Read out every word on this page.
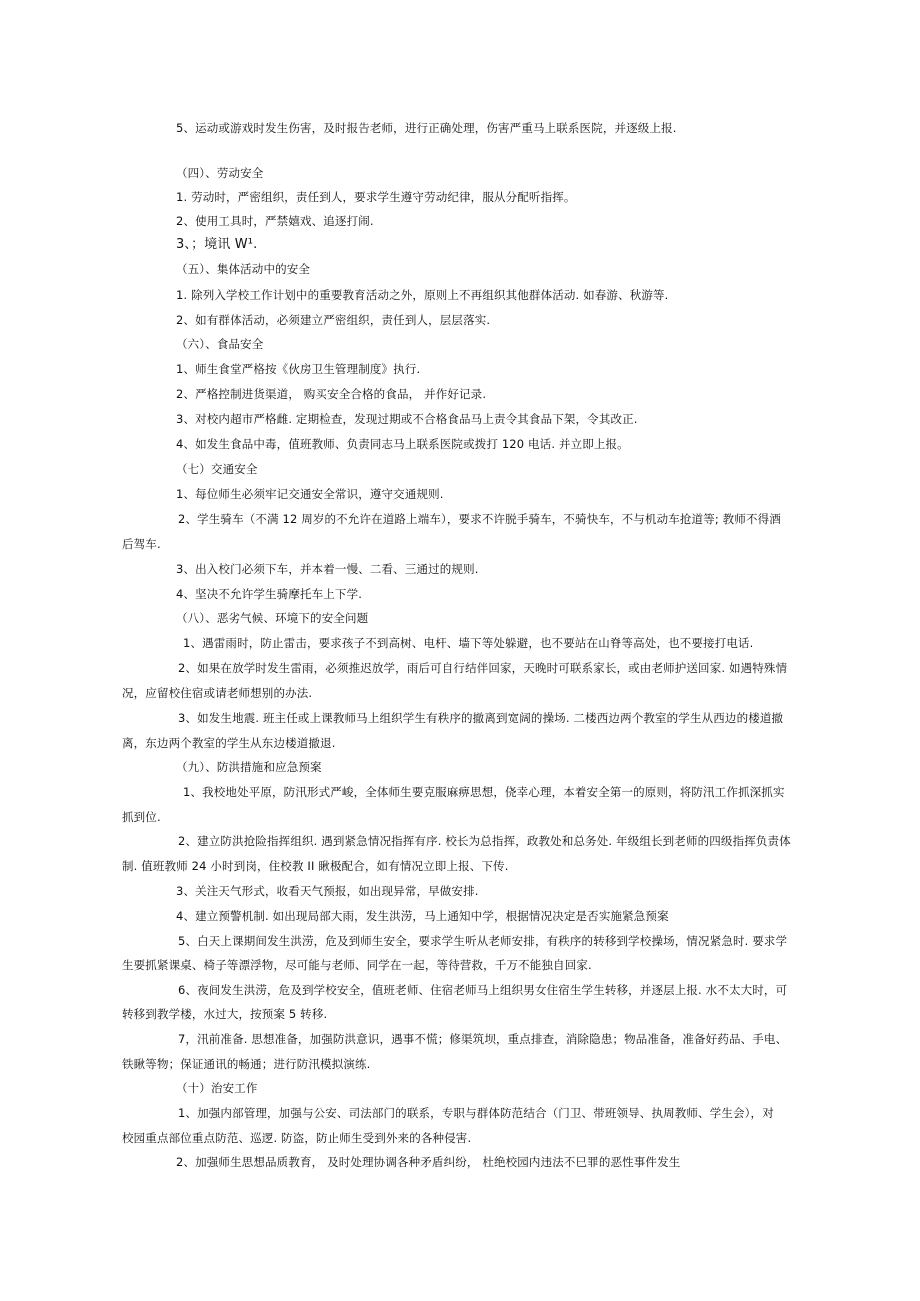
5、运动或游戏时发生伤害，及时报告老师，进行正确处理，伤害严重马上联系医院，并逐级上报.
（四）、劳动安全
1. 劳动时，严密组织，责任到人，要求学生遵守劳动纪律，服从分配听指挥。
2、使用工具时，严禁嬉戏、追逐打闹.
3、；境讯 W¹.
（五）、集体活动中的安全
1. 除列入学校工作计划中的重要教育活动之外，原则上不再组织其他群体活动. 如春游、秋游等.
2、如有群体活动，必须建立严密组织，责任到人，层层落实.
（六）、食品安全
1、师生食堂严格按《伙房卫生管理制度》执行.
2、严格控制进货渠道， 购买安全合格的食品， 并作好记录.
3、对校内超市严格雌. 定期检查，发现过期或不合格食品马上责令其食品下架，令其改正.
4、如发生食品中毒，值班教师、负责同志马上联系医院或拨打 120 电话. 并立即上报。
（七）交通安全
1、每位师生必须牢记交通安全常识，遵守交通规则.
2、学生骑车（不满 12 周岁的不允许在道路上端车），要求不许脱手骑车，不骑快车，不与机动车抢道等; 教师不得酒
后驾车.
3、出入校门必须下车，并本着一慢、二看、三通过的规则.
4、坚决不允许学生骑摩托车上下学.
（八）、恶劣气候、环境下的安全问题
1、遇雷雨时，防止雷击，要求孩子不到高树、电杆、墙下等处躲避，也不要站在山脊等高处，也不要接打电话.
2、如果在放学时发生雷雨，必须推迟放学，雨后可自行结伴回家，天晚时可联系家长，或由老师护送回家. 如遇特殊情
况，应留校住宿或请老师想别的办法.
3、如发生地震. 班主任或上课教师马上组织学生有秩序的撤离到宽阔的操场. 二楼西边两个教室的学生从西边的楼道撤
离，东边两个教室的学生从东边楼道撤退.
（九）、防洪措施和应急预案
1、我校地处平原，防汛形式严峻，全体师生要克服麻痹思想，侥幸心理，本着安全第一的原则，将防汛工作抓深抓实
抓到位.
2、建立防洪抢险指挥组织. 遇到紧急情况指挥有序. 校长为总指挥，政教处和总务处. 年级组长到老师的四级指挥负责体
制. 值班教师 24 小时到岗，住校教 II 瞅极配合，如有情况立即上报、下传.
3、关注天气形式，收看天气预报，如出现异常，早做安排.
4、建立预警机制. 如出现局部大雨，发生洪涝，马上通知中学，根据情况决定是否实施紧急预案
5、白天上课期间发生洪涝，危及到师生安全，要求学生听从老师安排，有秩序的转移到学校操场，情况紧急时. 要求学
生要抓紧课桌、椅子等漂浮物，尽可能与老师、同学在一起，等待营救，千万不能独自回家.
6、夜间发生洪涝，危及到学校安全，值班老师、住宿老师马上组织男女住宿生学生转移，并逐层上报. 水不太大时，可
转移到教学楼，水过大，按预案 5 转移.
7，汛前准备. 思想准备，加强防洪意识，遇事不慌；修渠筑坝，重点排查，消除隐患；物品准备，准备好药品、手电、
铁瞅等物；保证通讯的畅通；进行防汛模拟演练.
（十）治安工作
1、加强内部管理，加强与公安、司法部门的联系，专职与群体防范结合（门卫、带班领导、执周教师、学生会），对
校园重点部位重点防范、巡逻. 防盗，防止师生受到外来的各种侵害.
2、加强师生思想品质教育， 及时处理协调各种矛盾纠纷， 杜绝校园内违法不巳罪的恶性事件发生
